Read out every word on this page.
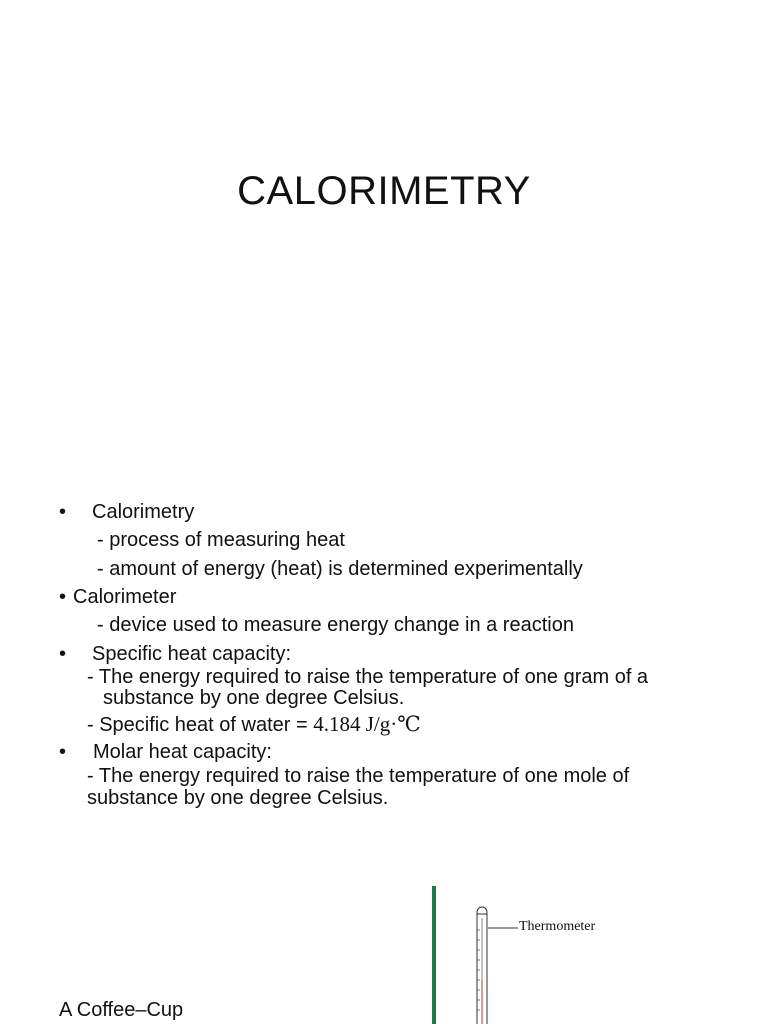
CALORIMETRY
• Calorimetry
- process of measuring heat
- amount of energy (heat) is determined experimentally
• Calorimeter
- device used to measure energy change in a reaction
• Specific heat capacity:
- The energy required to raise the temperature of one gram of a
substance by one degree Celsius.
- Specific heat of water = 4.184 J/g·℃
• Molar heat capacity:
- The energy required to raise the temperature of one mole of
substance by one degree Celsius.
A Coffee–Cup
Thermometer
